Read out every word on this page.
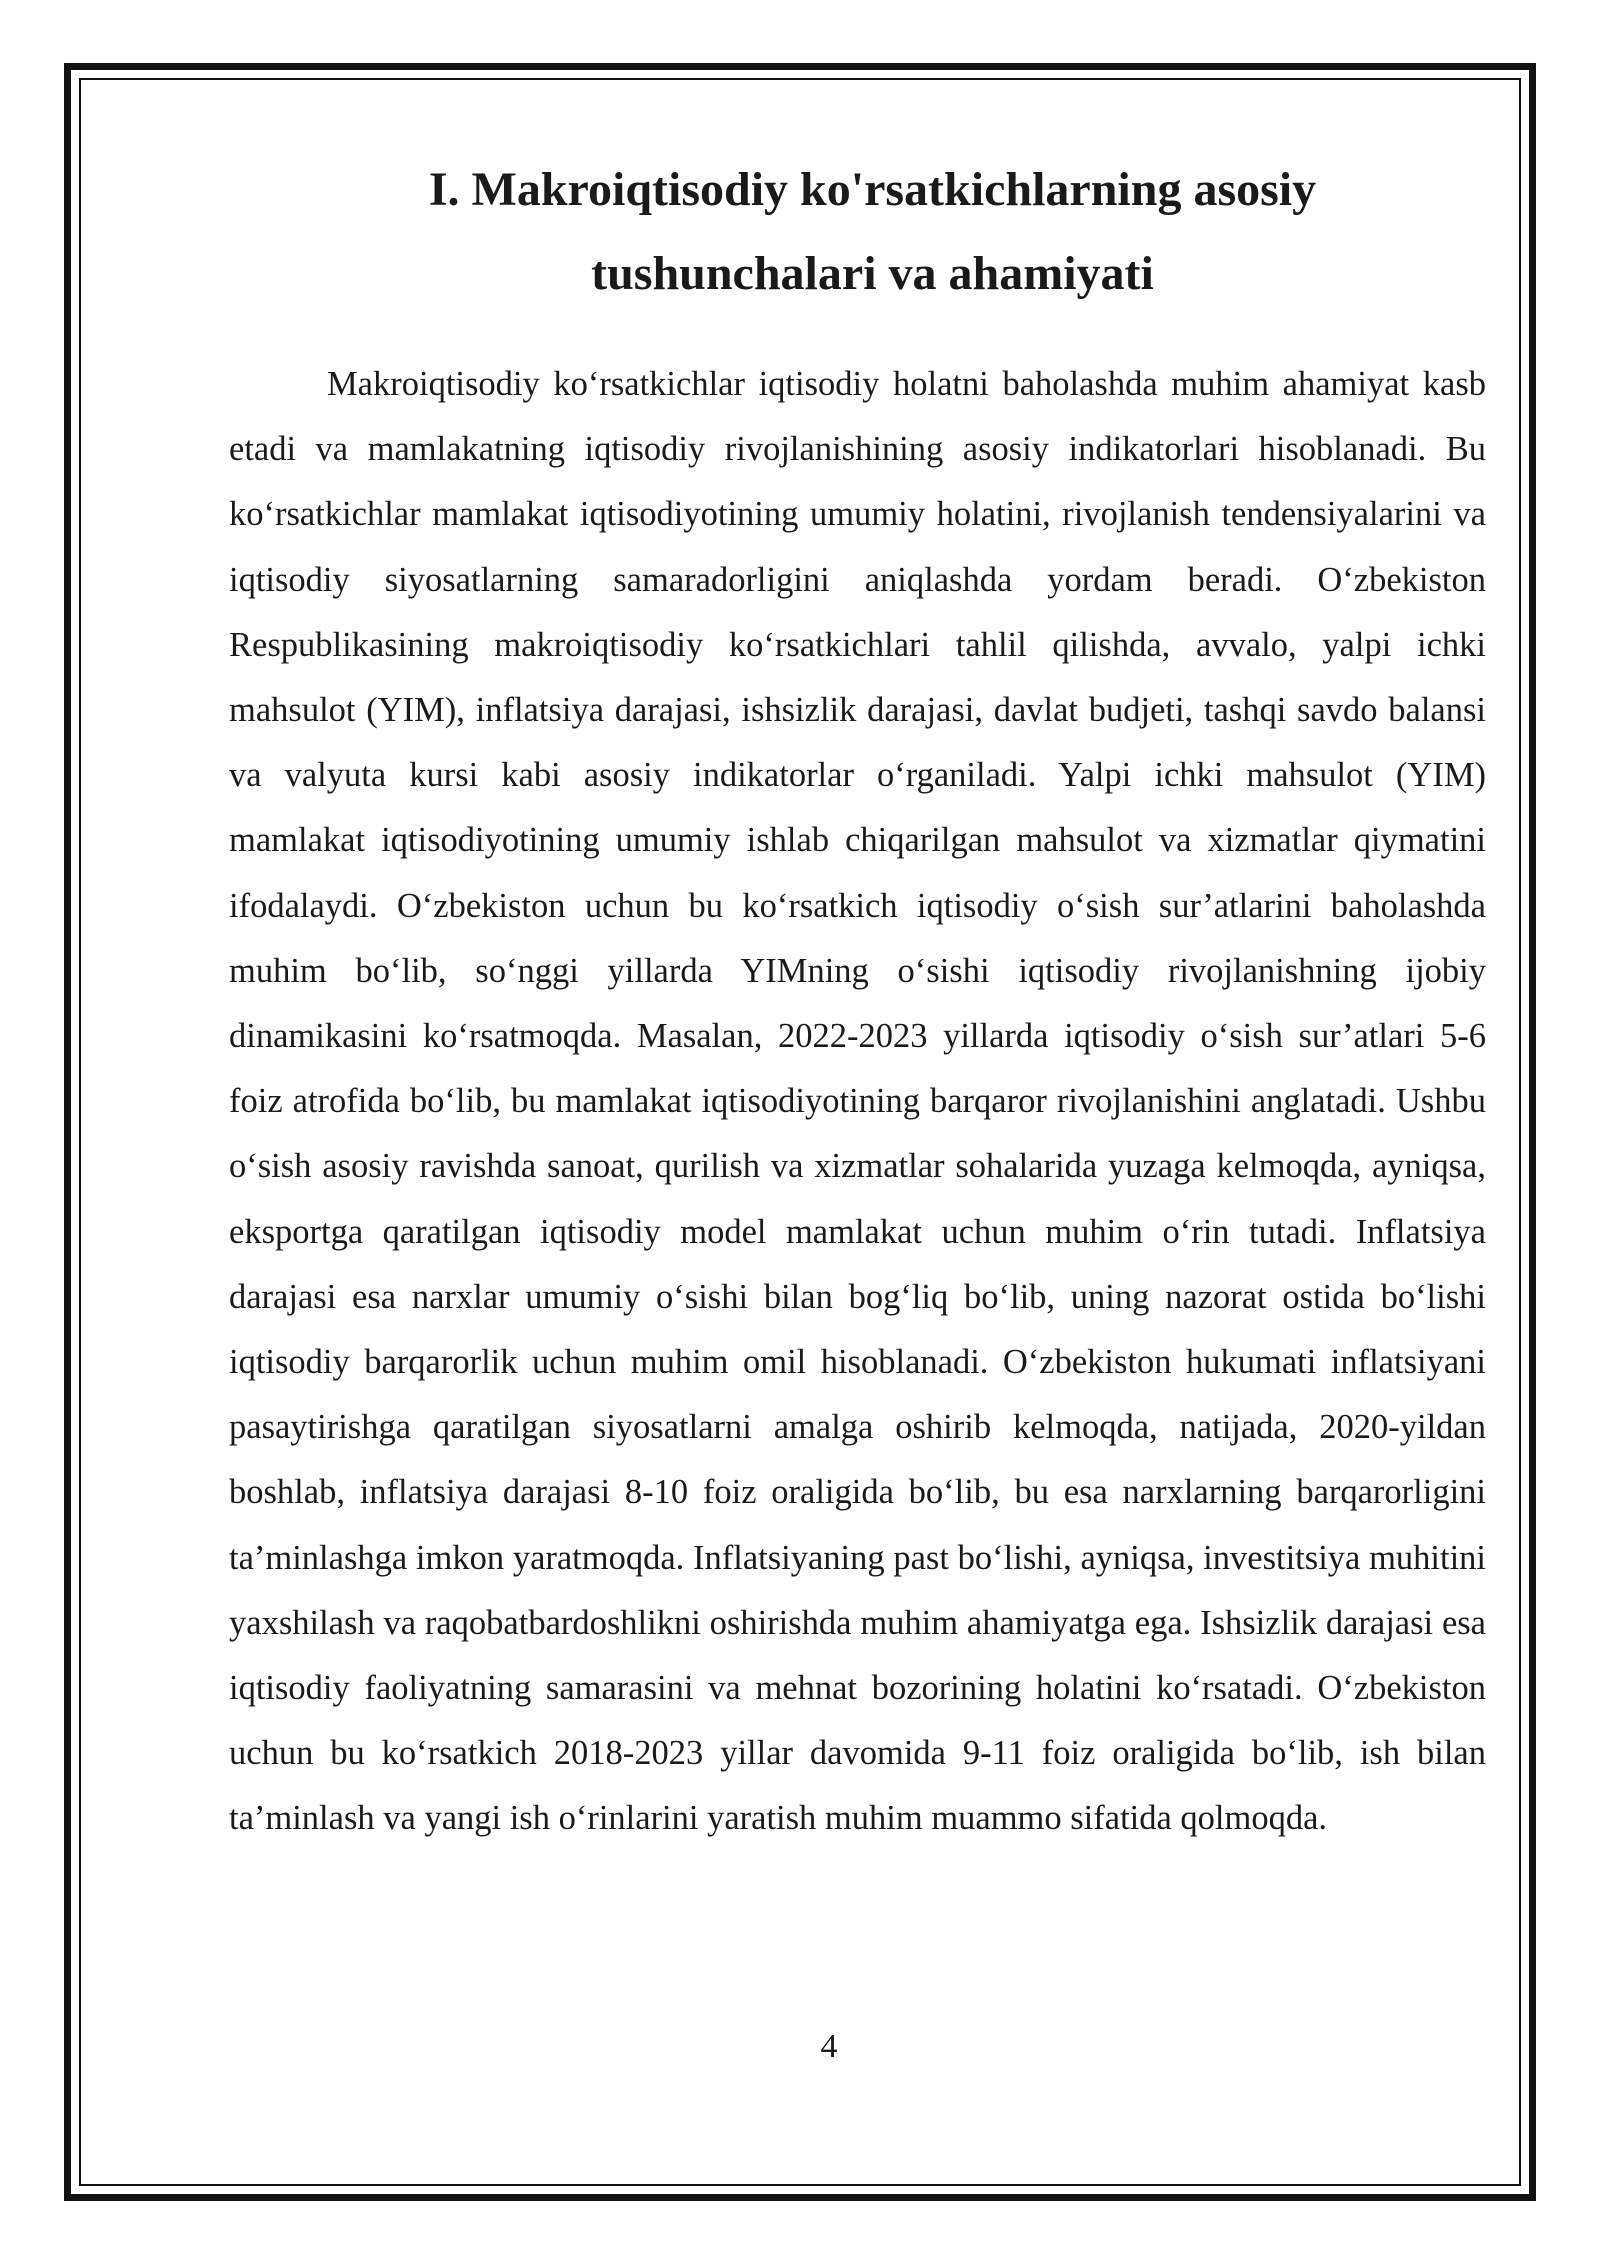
I. Makroiqtisodiy ko'rsatkichlarning asosiy
tushunchalari va ahamiyati

Makroiqtisodiy koʻrsatkichlar iqtisodiy holatni baholashda muhim ahamiyat kasb etadi va mamlakatning iqtisodiy rivojlanishining asosiy indikatorlari hisoblanadi. Bu koʻrsatkichlar mamlakat iqtisodiyotining umumiy holatini, rivojlanish tendensiyalarini va iqtisodiy siyosatlarning samaradorligini aniqlashda yordam beradi. Oʻzbekiston Respublikasining makroiqtisodiy koʻrsatkichlari tahlil qilishda, avvalo, yalpi ichki mahsulot (YIM), inflatsiya darajasi, ishsizlik darajasi, davlat budjeti, tashqi savdo balansi va valyuta kursi kabi asosiy indikatorlar oʻrganiladi. Yalpi ichki mahsulot (YIM) mamlakat iqtisodiyotining umumiy ishlab chiqarilgan mahsulot va xizmatlar qiymatini ifodalaydi. Oʻzbekiston uchun bu koʻrsatkich iqtisodiy oʻsish sur’atlarini baholashda muhim boʻlib, soʻnggi yillarda YIMning oʻsishi iqtisodiy rivojlanishning ijobiy dinamikasini koʻrsatmoqda. Masalan, 2022-2023 yillarda iqtisodiy oʻsish sur’atlari 5-6 foiz atrofida boʻlib, bu mamlakat iqtisodiyotining barqaror rivojlanishini anglatadi. Ushbu oʻsish asosiy ravishda sanoat, qurilish va xizmatlar sohalarida yuzaga kelmoqda, ayniqsa, eksportga qaratilgan iqtisodiy model mamlakat uchun muhim oʻrin tutadi. Inflatsiya darajasi esa narxlar umumiy oʻsishi bilan bogʻliq boʻlib, uning nazorat ostida boʻlishi iqtisodiy barqarorlik uchun muhim omil hisoblanadi. Oʻzbekiston hukumati inflatsiyani pasaytirishga qaratilgan siyosatlarni amalga oshirib kelmoqda, natijada, 2020-yildan boshlab, inflatsiya darajasi 8-10 foiz oraligida boʻlib, bu esa narxlarning barqarorligini ta’minlashga imkon yaratmoqda. Inflatsiyaning past boʻlishi, ayniqsa, investitsiya muhitini yaxshilash va raqobatbardoshlikni oshirishda muhim ahamiyatga ega. Ishsizlik darajasi esa iqtisodiy faoliyatning samarasini va mehnat bozorining holatini koʻrsatadi. Oʻzbekiston uchun bu koʻrsatkich 2018-2023 yillar davomida 9-11 foiz oraligida boʻlib, ish bilan ta’minlash va yangi ish oʻrinlarini yaratish muhim muammo sifatida qolmoqda.

4
